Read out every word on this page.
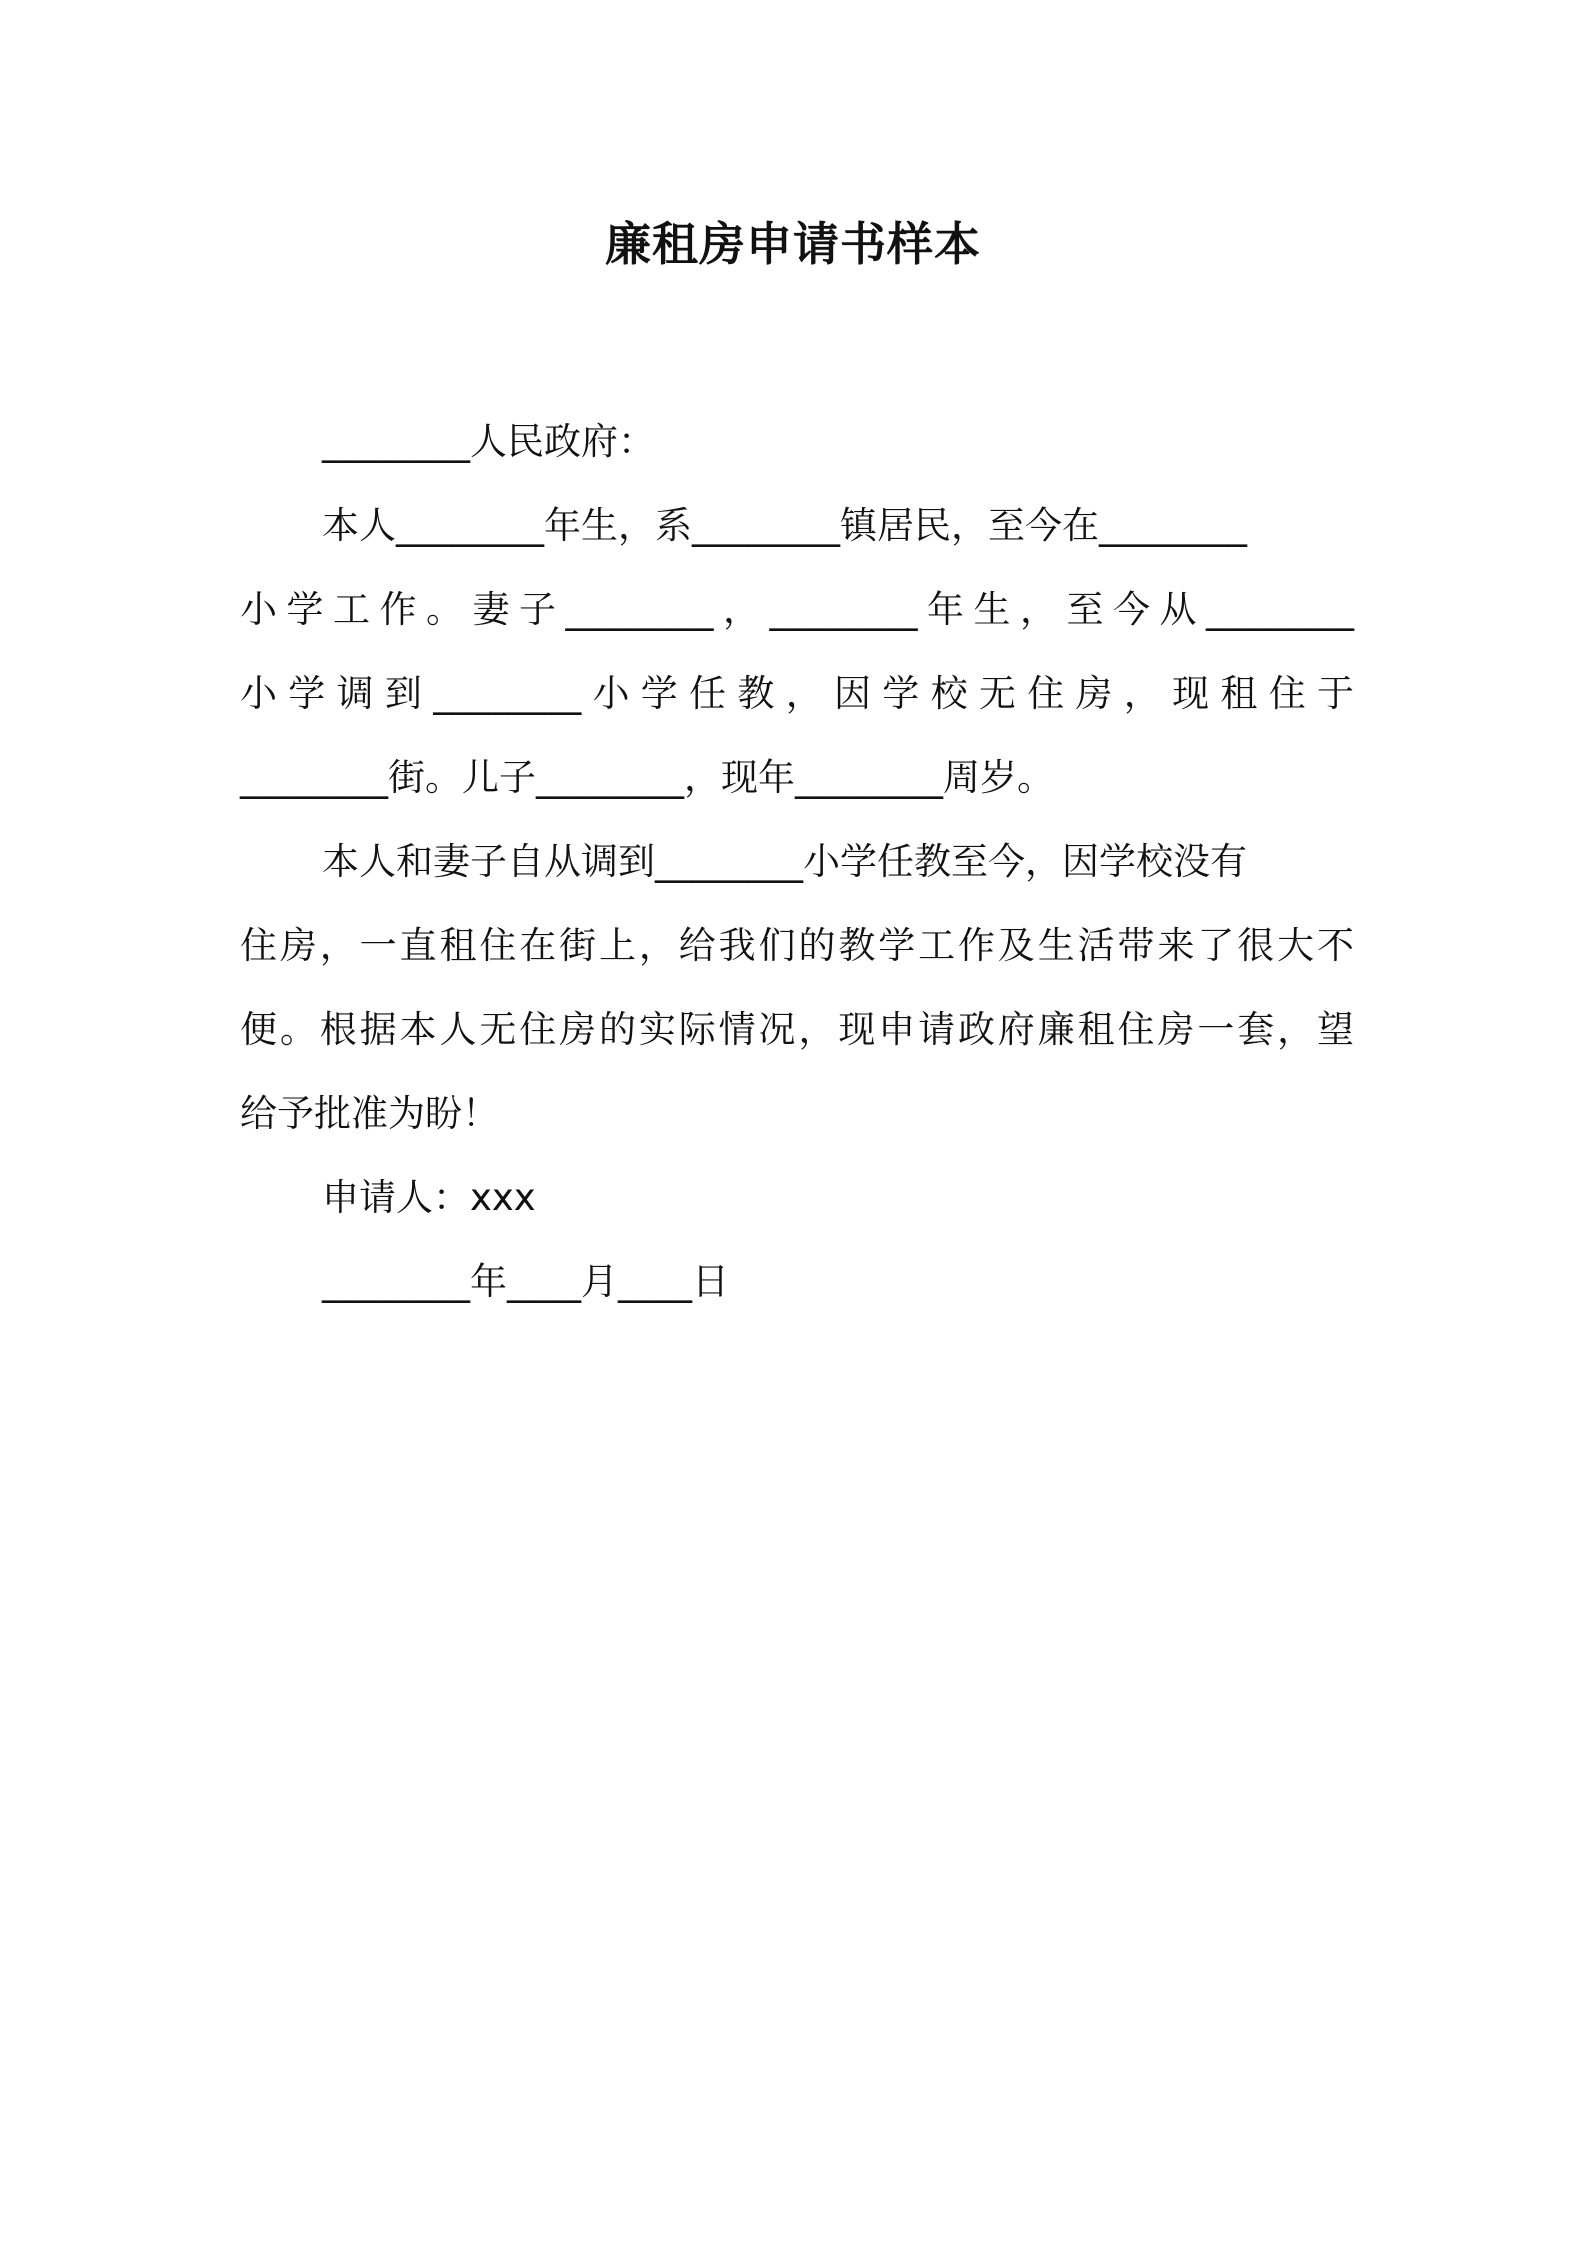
廉租房申请书样本
________人民政府：
本人________年生，系________镇居民，至今在________
小学工作。妻子________，________年生，至今从________
小学调到________小学任教，因学校无住房，现租住于
________街。儿子________，现年________周岁。
本人和妻子自从调到________小学任教至今，因学校没有
住房，一直租住在街上，给我们的教学工作及生活带来了很大不
便。根据本人无住房的实际情况，现申请政府廉租住房一套，望
给予批准为盼！
申请人：xxx
________年____月____日
